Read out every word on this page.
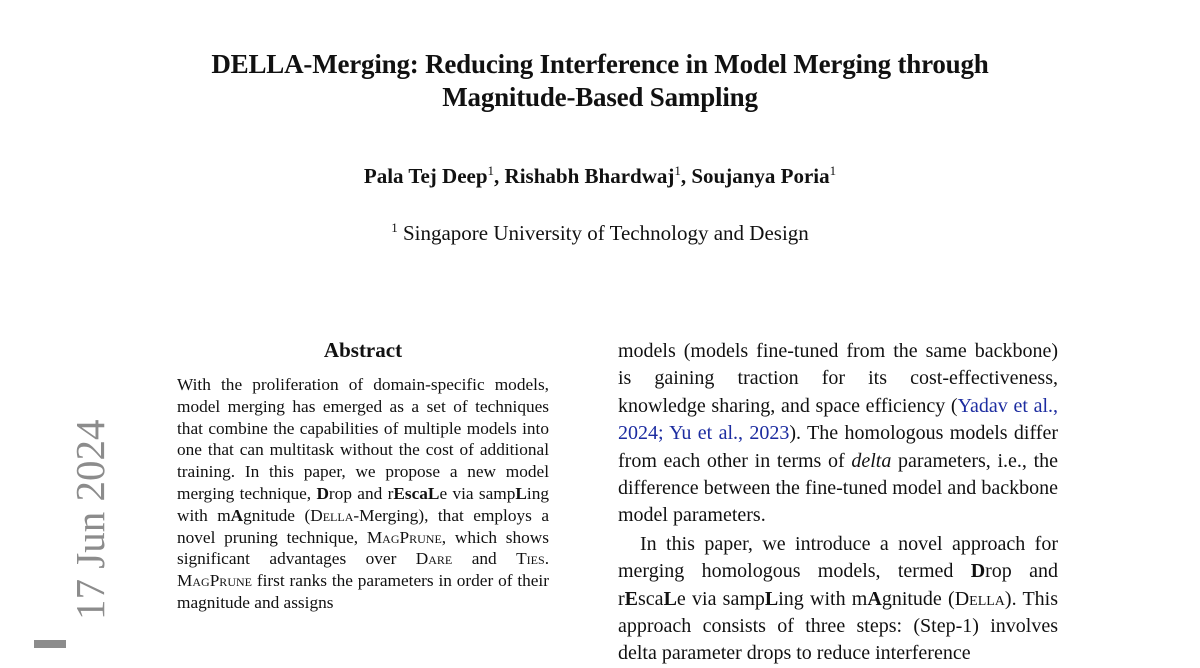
DELLA-Merging: Reducing Interference in Model Merging through
Magnitude-Based Sampling
Pala Tej Deep$^1$, Rishabh Bhardwaj$^1$, Soujanya Poria$^1$
$^1$ Singapore University of Technology and Design
17 Jun 2024
Abstract
With the proliferation of domain-specific models, model merging has emerged as a set of techniques that combine the capabilities of multiple models into one that can multitask without the cost of additional training. In this paper, we propose a new model merging technique, Drop and rEscaLe via sampLing with mAgnitude (Della-Merging), that employs a novel pruning technique, MagPrune, which shows significant advantages over Dare and Ties. MagPrune first ranks the parameters in order of their magnitude and assigns

models (models fine-tuned from the same backbone) is gaining traction for its cost-effectiveness, knowledge sharing, and space efficiency (Yadav et al., 2024; Yu et al., 2023). The homologous models differ from each other in terms of delta parameters, i.e., the difference between the fine-tuned model and backbone model parameters.

In this paper, we introduce a novel approach for merging homologous models, termed Drop and rEscaLe via sampLing with mAgnitude (Della). This approach consists of three steps: (Step-1) involves delta parameter drops to reduce interference
